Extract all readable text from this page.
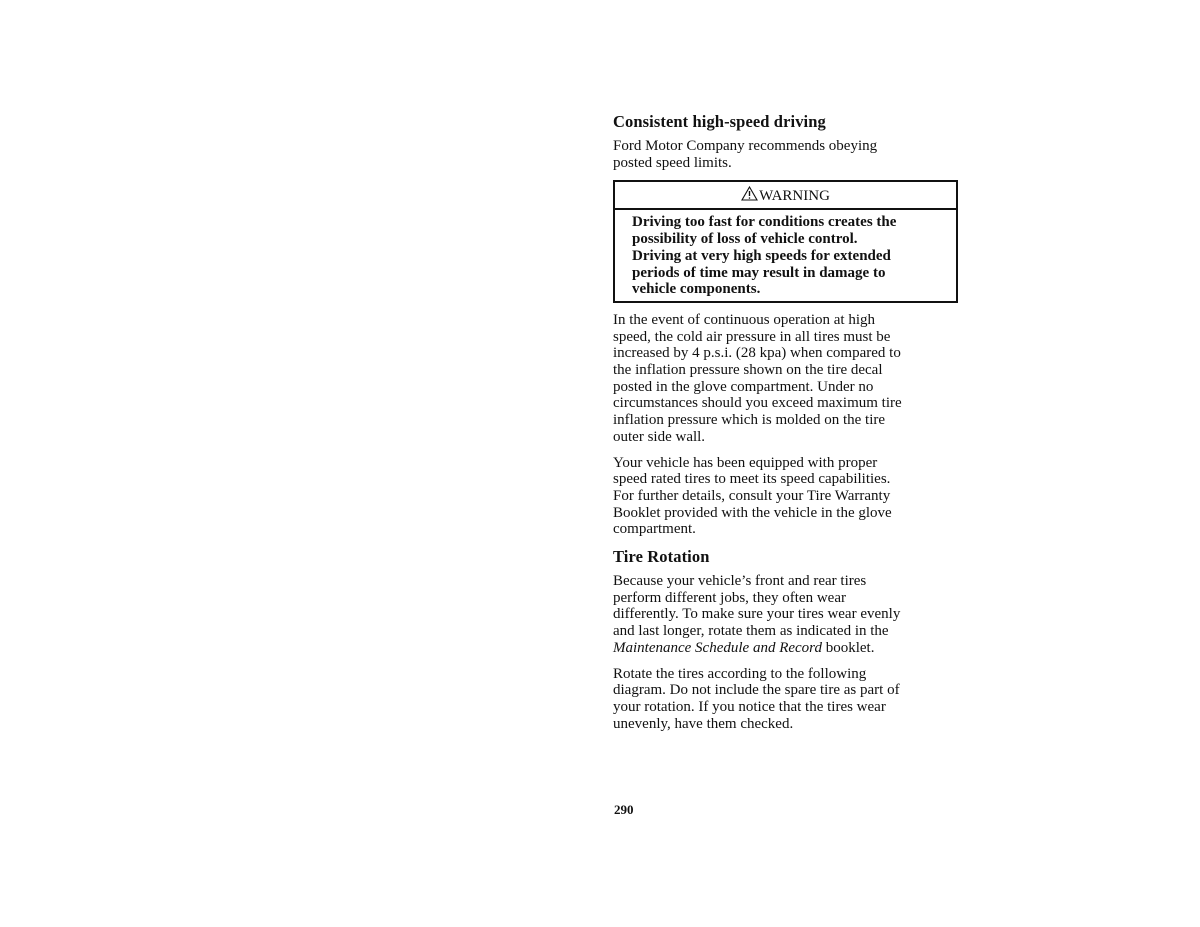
Consistent high-speed driving
Ford Motor Company recommends obeying
posted speed limits.
WARNING
Driving too fast for conditions creates the
possibility of loss of vehicle control.
Driving at very high speeds for extended
periods of time may result in damage to
vehicle components.
In the event of continuous operation at high
speed, the cold air pressure in all tires must be
increased by 4 p.s.i. (28 kpa) when compared to
the inflation pressure shown on the tire decal
posted in the glove compartment. Under no
circumstances should you exceed maximum tire
inflation pressure which is molded on the tire
outer side wall.
Your vehicle has been equipped with proper
speed rated tires to meet its speed capabilities.
For further details, consult your Tire Warranty
Booklet provided with the vehicle in the glove
compartment.
Tire Rotation
Because your vehicle’s front and rear tires
perform different jobs, they often wear
differently. To make sure your tires wear evenly
and last longer, rotate them as indicated in the
Maintenance Schedule and Record booklet.
Rotate the tires according to the following
diagram. Do not include the spare tire as part of
your rotation. If you notice that the tires wear
unevenly, have them checked.
290
